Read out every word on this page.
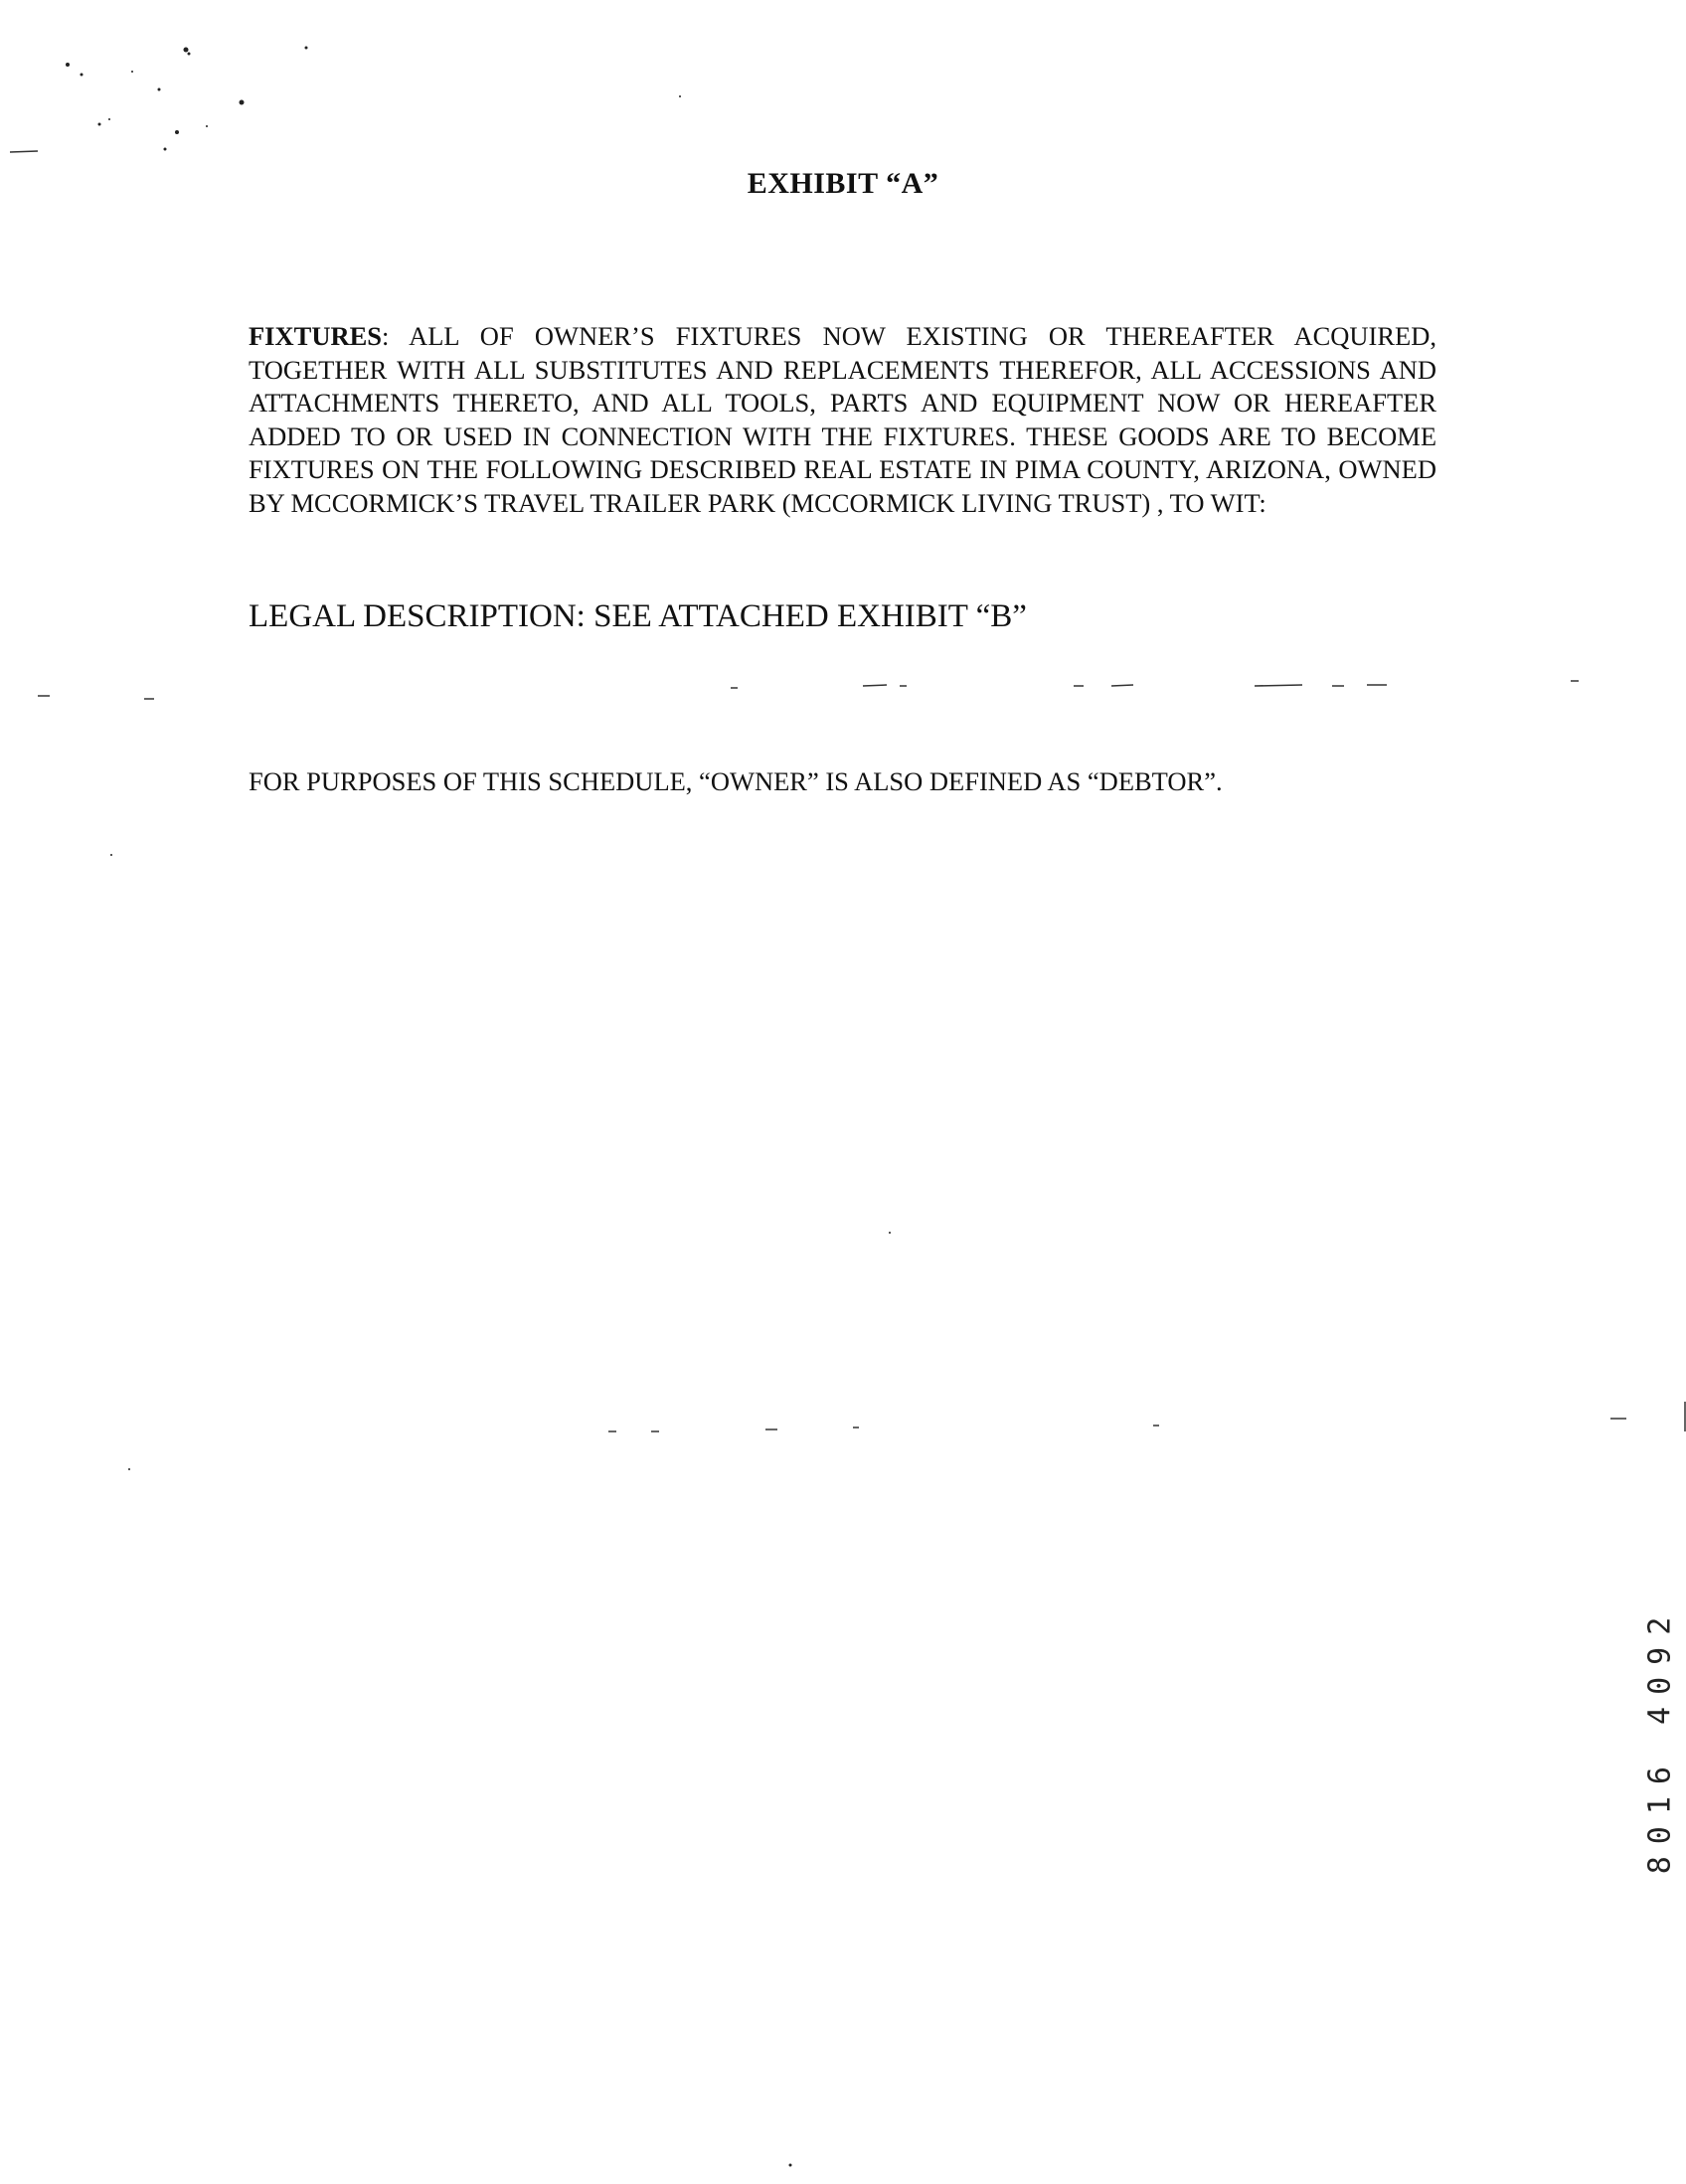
EXHIBIT “A”
FIXTURES: ALL OF OWNER’S FIXTURES NOW EXISTING OR THEREAFTER ACQUIRED, TOGETHER WITH ALL SUBSTITUTES AND REPLACEMENTS THEREFOR, ALL ACCESSIONS AND ATTACHMENTS THERETO, AND ALL TOOLS, PARTS AND EQUIPMENT NOW OR HEREAFTER ADDED TO OR USED IN CONNECTION WITH THE FIXTURES. THESE GOODS ARE TO BECOME FIXTURES ON THE FOLLOWING DESCRIBED REAL ESTATE IN PIMA COUNTY, ARIZONA, OWNED BY MCCORMICK’S TRAVEL TRAILER PARK (MCCORMICK LIVING TRUST) , TO WIT:
LEGAL DESCRIPTION: SEE ATTACHED EXHIBIT “B”
FOR PURPOSES OF THIS SCHEDULE, “OWNER” IS ALSO DEFINED AS “DEBTOR”.
8016 4092
